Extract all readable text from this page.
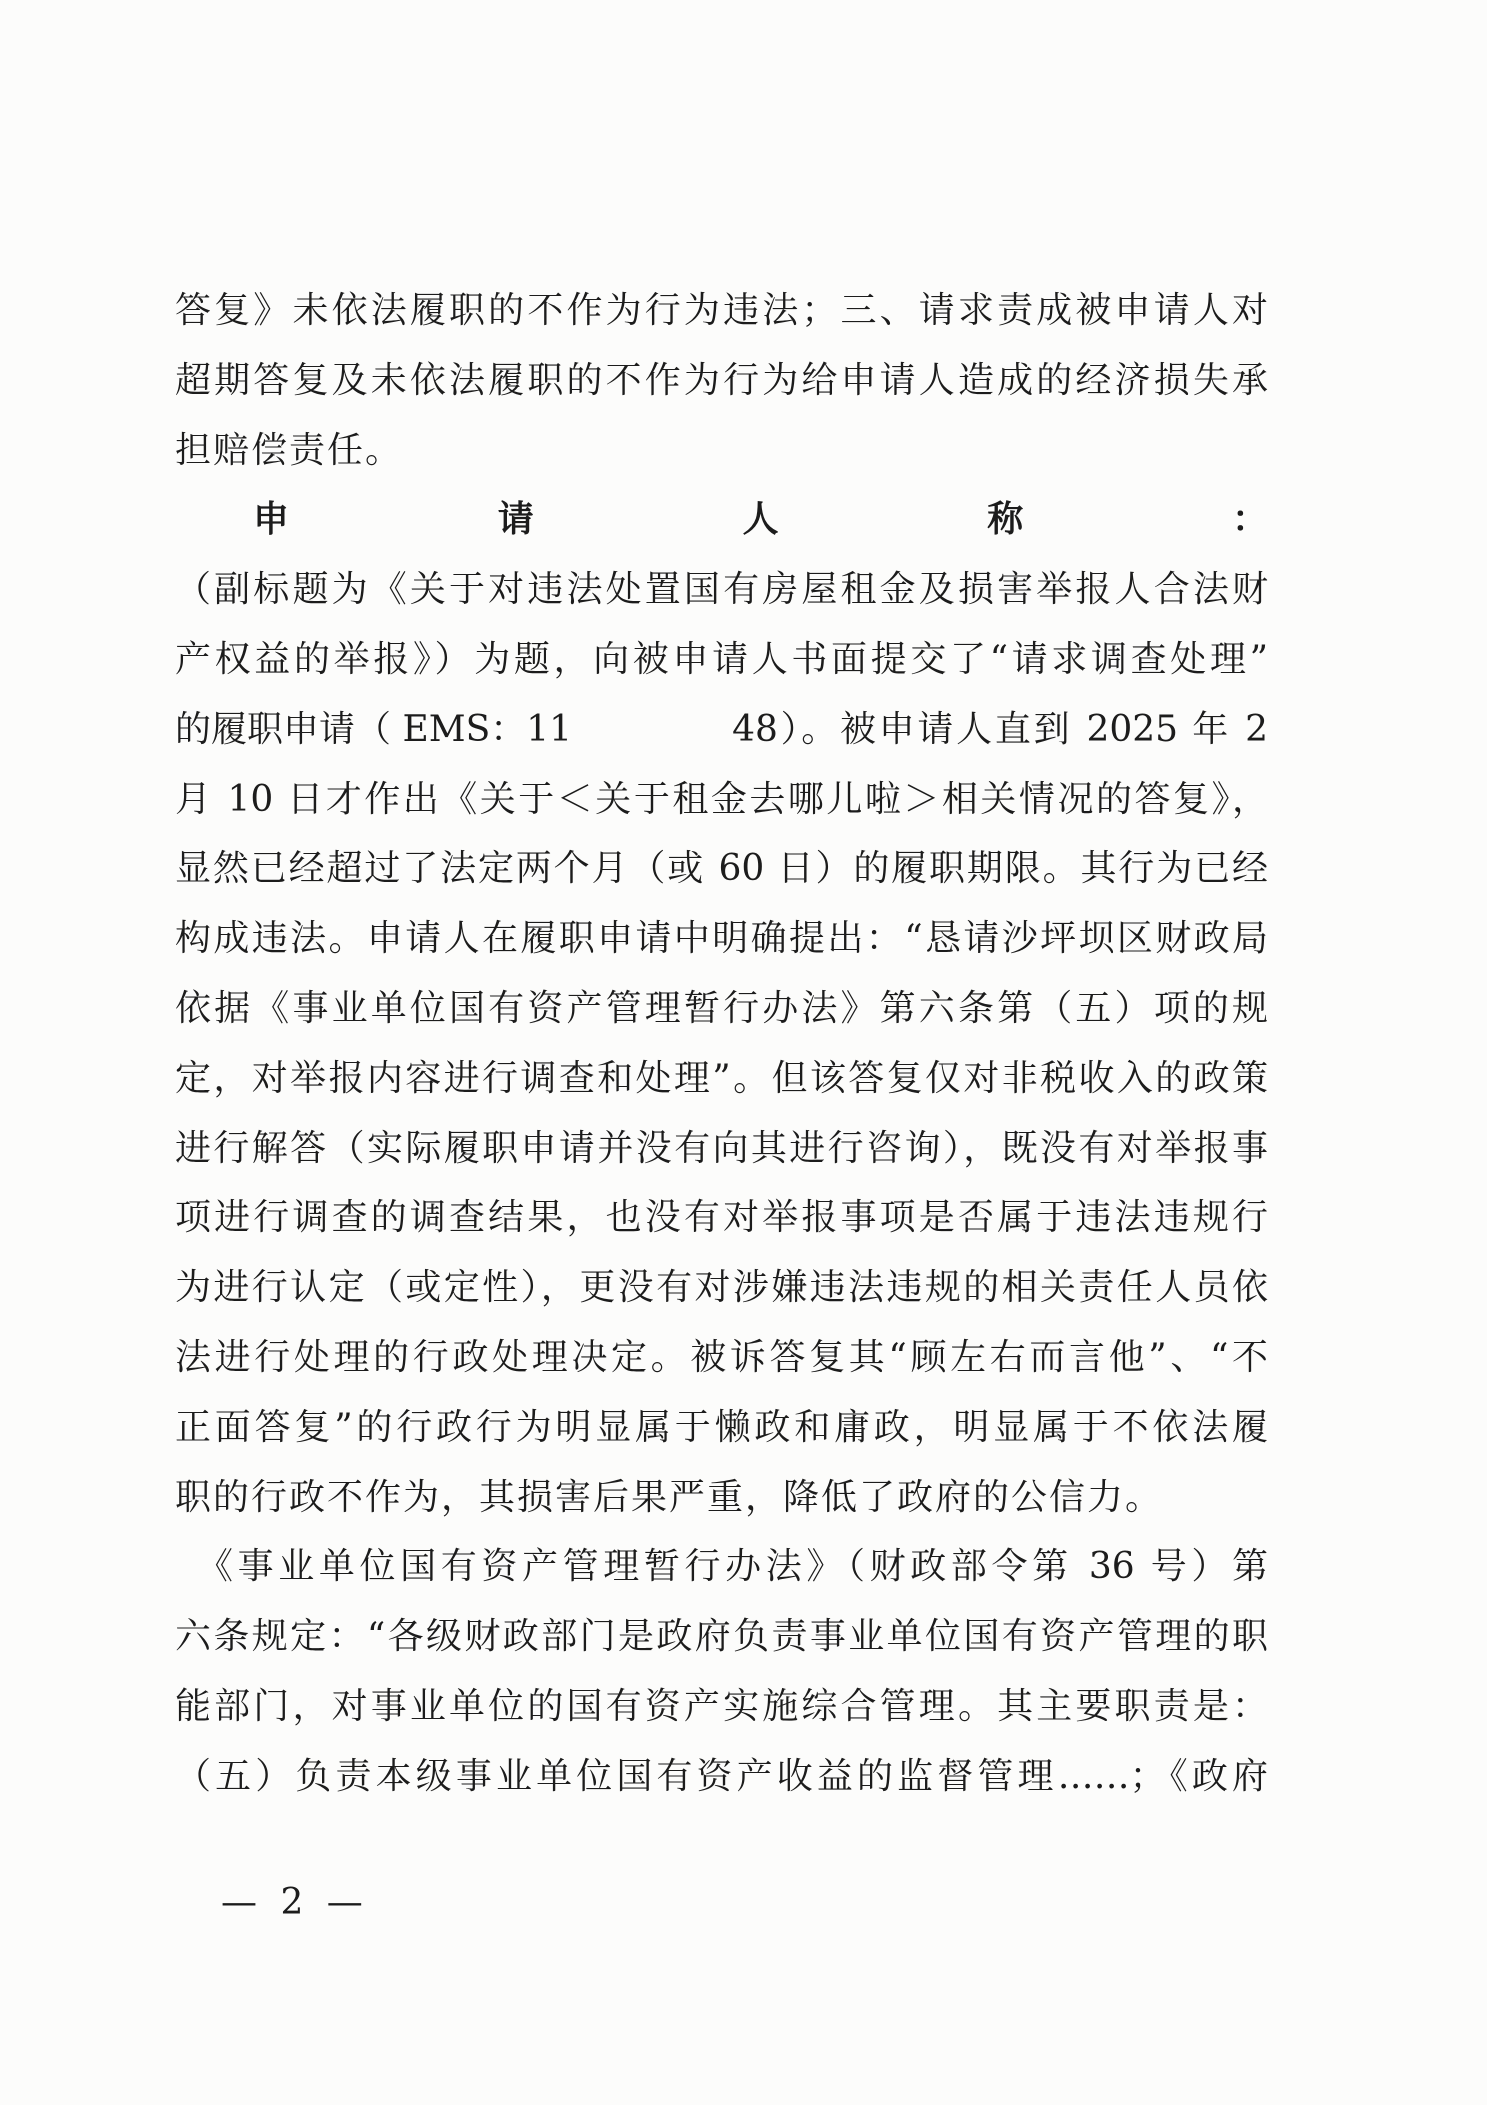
答复》未依法履职的不作为行为违法；三、请求责成被申请人对
超期答复及未依法履职的不作为行为给申请人造成的经济损失承
担赔偿责任。
申请人称：
（副标题为《关于对违法处置国有房屋租金及损害举报人合法财
产权益的举报》）为题，向被申请人书面提交了“请求调查处理”
的履职申请（ EMS：11	48）。被申请人直到 2025 年 2
月 10 日才作出《关于＜关于租金去哪儿啦＞相关情况的答复》，
显然已经超过了法定两个月（或 60 日）的履职期限。其行为已经
构成违法。申请人在履职申请中明确提出：“恳请沙坪坝区财政局
依据《事业单位国有资产管理暂行办法》第六条第（五）项的规
定，对举报内容进行调查和处理”。但该答复仅对非税收入的政策
进行解答（实际履职申请并没有向其进行咨询），既没有对举报事
项进行调查的调查结果，也没有对举报事项是否属于违法违规行
为进行认定（或定性），更没有对涉嫌违法违规的相关责任人员依
法进行处理的行政处理决定。被诉答复其“顾左右而言他”、“不
正面答复”的行政行为明显属于懒政和庸政，明显属于不依法履
职的行政不作为，其损害后果严重，降低了政府的公信力。
《事业单位国有资产管理暂行办法》（财政部令第 36 号）第
六条规定：“各级财政部门是政府负责事业单位国有资产管理的职
能部门，对事业单位的国有资产实施综合管理。其主要职责是：
（五）负责本级事业单位国有资产收益的监督管理……；《政府
— 2 —
